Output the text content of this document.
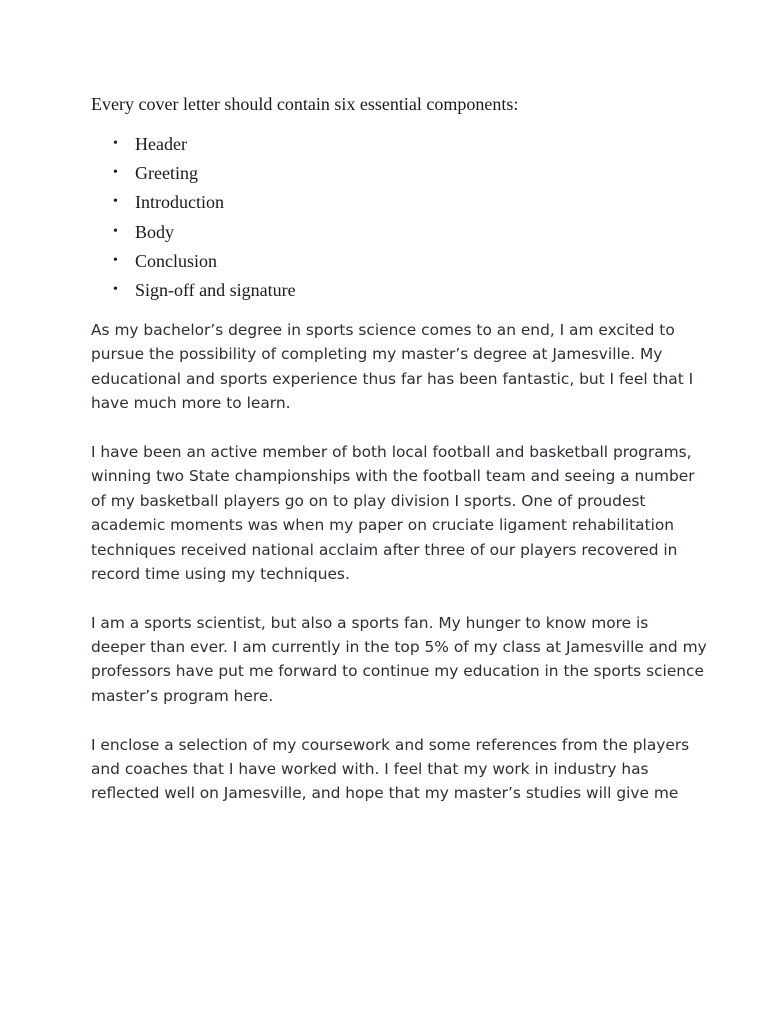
Every cover letter should contain six essential components:

• Header
• Greeting
• Introduction
• Body
• Conclusion
• Sign-off and signature

As my bachelor’s degree in sports science comes to an end, I am excited to
pursue the possibility of completing my master’s degree at Jamesville. My
educational and sports experience thus far has been fantastic, but I feel that I
have much more to learn.

I have been an active member of both local football and basketball programs,
winning two State championships with the football team and seeing a number
of my basketball players go on to play division I sports. One of proudest
academic moments was when my paper on cruciate ligament rehabilitation
techniques received national acclaim after three of our players recovered in
record time using my techniques.

I am a sports scientist, but also a sports fan. My hunger to know more is
deeper than ever. I am currently in the top 5% of my class at Jamesville and my
professors have put me forward to continue my education in the sports science
master’s program here.

I enclose a selection of my coursework and some references from the players
and coaches that I have worked with. I feel that my work in industry has
reflected well on Jamesville, and hope that my master’s studies will give me
